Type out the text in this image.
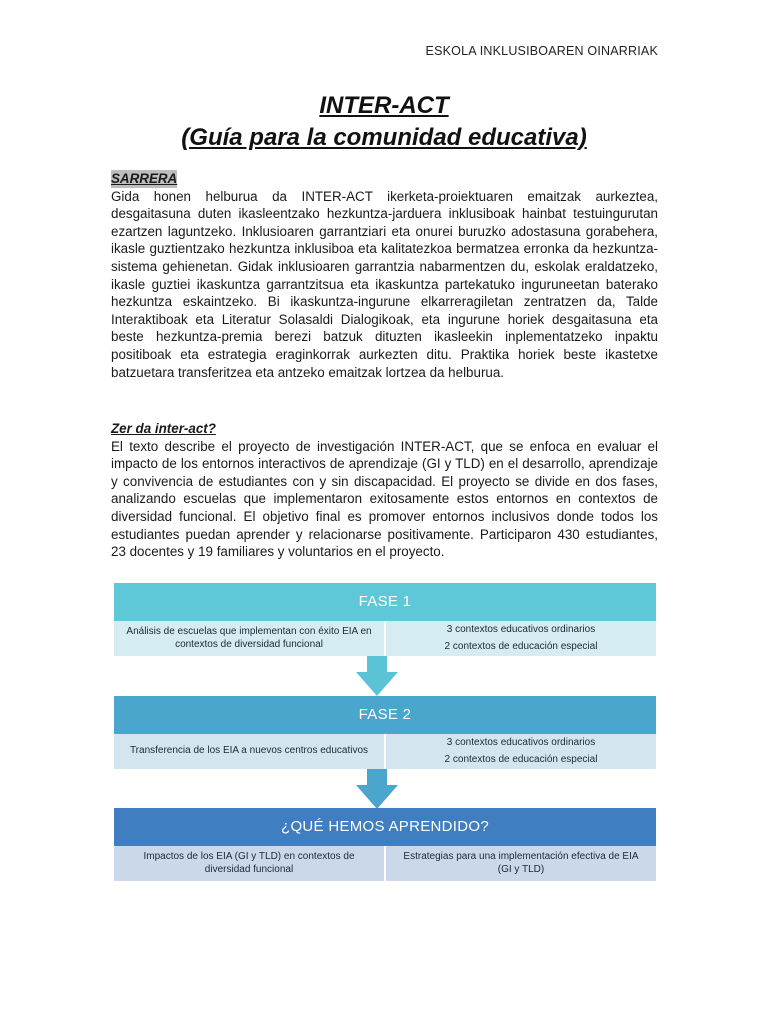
ESKOLA INKLUSIBOAREN OINARRIAK
INTER-ACT
(Guía para la comunidad educativa)
SARRERA

Gida honen helburua da INTER-ACT ikerketa-proiektuaren emaitzak aurkeztea, desgaitasuna duten ikasleentzako hezkuntza-jarduera inklusiboak hainbat testuingurutan ezartzen laguntzeko. Inklusioaren garrantziari eta onurei buruzko adostasuna gorabehera, ikasle guztientzako hezkuntza inklusiboa eta kalitatezkoa bermatzea erronka da hezkuntza-sistema gehienetan. Gidak inklusioaren garrantzia nabarmentzen du, eskolak eraldatzeko, ikasle guztiei ikaskuntza garrantzitsua eta ikaskuntza partekatuko inguruneetan baterako hezkuntza eskaintzeko. Bi ikaskuntza-ingurune elkarreragiletan zentratzen da, Talde Interaktiboak eta Literatur Solasaldi Dialogikoak, eta ingurune horiek desgaitasuna eta beste hezkuntza-premia berezi batzuk dituzten ikasleekin inplementatzeko inpaktu positiboak eta estrategia eraginkorrak aurkezten ditu. Praktika horiek beste ikastetxe batzuetara transferitzea eta antzeko emaitzak lortzea da helburua.

Zer da inter-act?

El texto describe el proyecto de investigación INTER-ACT, que se enfoca en evaluar el impacto de los entornos interactivos de aprendizaje (GI y TLD) en el desarrollo, aprendizaje y convivencia de estudiantes con y sin discapacidad. El proyecto se divide en dos fases, analizando escuelas que implementaron exitosamente estos entornos en contextos de diversidad funcional. El objetivo final es promover entornos inclusivos donde todos los estudiantes puedan aprender y relacionarse positivamente. Participaron 430 estudiantes, 23 docentes y 19 familiares y voluntarios en el proyecto.

FASE 1
Análisis de escuelas que implementan con éxito EIA en contextos de diversidad funcional
3 contextos educativos ordinarios
2 contextos de educación especial
FASE 2
Transferencia de los EIA a nuevos centros educativos
3 contextos educativos ordinarios
2 contextos de educación especial
¿QUÉ HEMOS APRENDIDO?
Impactos de los EIA (GI y TLD) en contextos de diversidad funcional
Estrategias para una implementación efectiva de EIA (GI y TLD)
